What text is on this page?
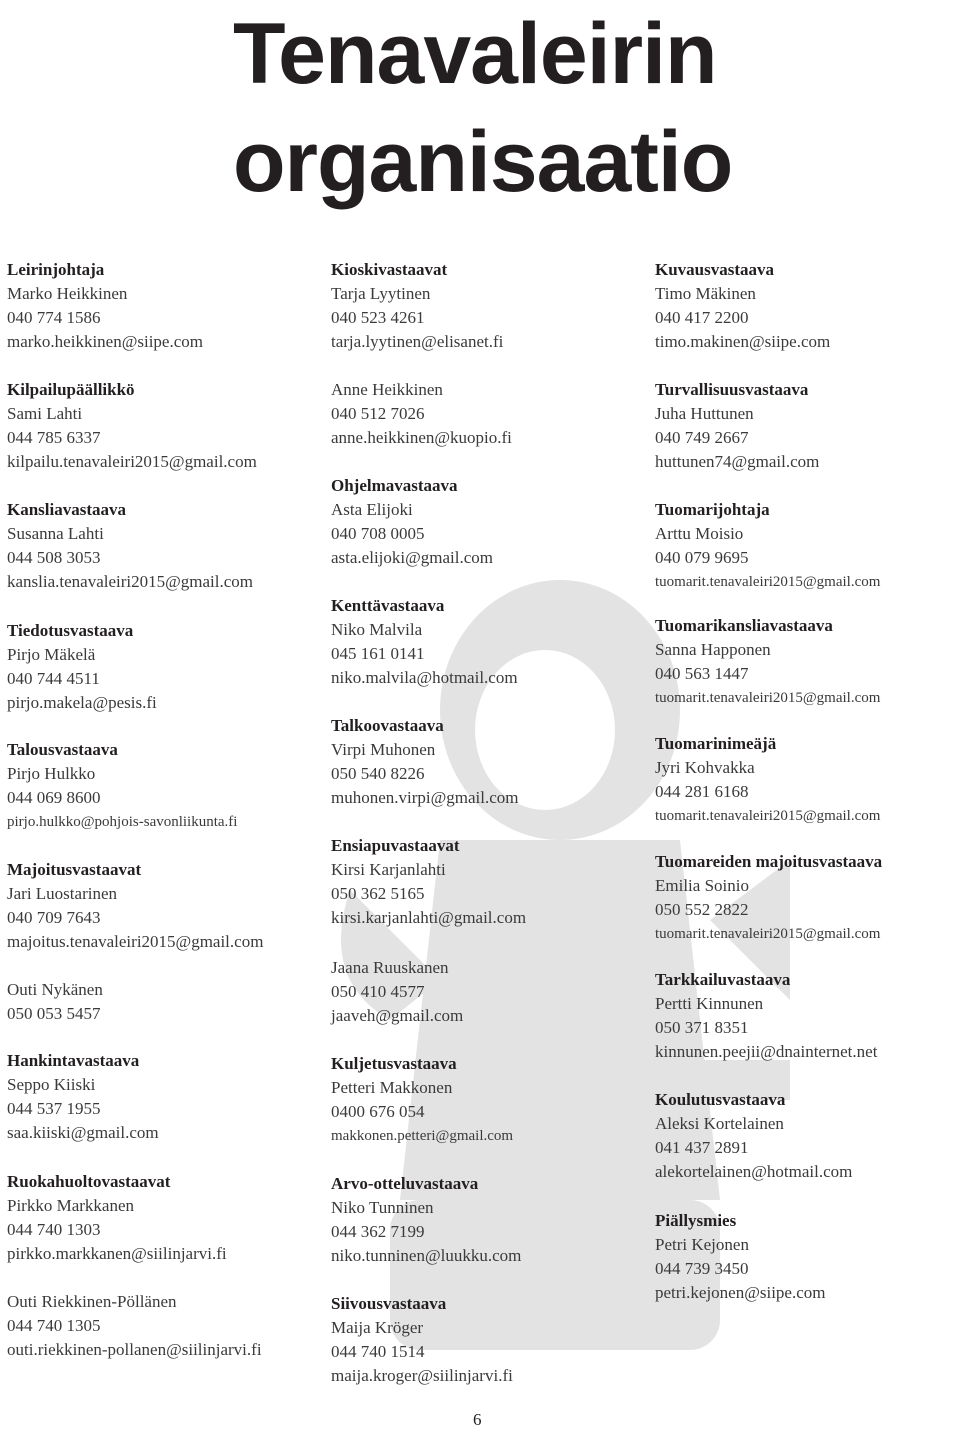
Tenavaleirin
organisaatio
Leirinjohtaja
Marko Heikkinen
040 774 1586
marko.heikkinen@siipe.com
Kilpailupäällikkö
Sami Lahti
044 785 6337
kilpailu.tenavaleiri2015@gmail.com
Kansliavastaava
Susanna Lahti
044 508 3053
kanslia.tenavaleiri2015@gmail.com
Tiedotusvastaava
Pirjo Mäkelä
040 744 4511
pirjo.makela@pesis.fi
Talousvastaava
Pirjo Hulkko
044 069 8600
pirjo.hulkko@pohjois-savonliikunta.fi
Majoitusvastaavat
Jari Luostarinen
040 709 7643
majoitus.tenavaleiri2015@gmail.com
Outi Nykänen
050 053 5457
Hankintavastaava
Seppo Kiiski
044 537 1955
saa.kiiski@gmail.com
Ruokahuoltovastaavat
Pirkko Markkanen
044 740 1303
pirkko.markkanen@siilinjarvi.fi
Outi Riekkinen-Pöllänen
044 740 1305
outi.riekkinen-pollanen@siilinjarvi.fi
Kioskivastaavat
Tarja Lyytinen
040 523 4261
tarja.lyytinen@elisanet.fi
Anne Heikkinen
040 512 7026
anne.heikkinen@kuopio.fi
Ohjelmavastaava
Asta Elijoki
040 708 0005
asta.elijoki@gmail.com
Kenttävastaava
Niko Malvila
045 161 0141
niko.malvila@hotmail.com
Talkoovastaava
Virpi Muhonen
050 540 8226
muhonen.virpi@gmail.com
Ensiapuvastaavat
Kirsi Karjanlahti
050 362 5165
kirsi.karjanlahti@gmail.com
Jaana Ruuskanen
050 410 4577
jaaveh@gmail.com
Kuljetusvastaava
Petteri Makkonen
0400 676 054
makkonen.petteri@gmail.com
Arvo-otteluvastaava
Niko Tunninen
044 362 7199
niko.tunninen@luukku.com
Siivousvastaava
Maija Kröger
044 740 1514
maija.kroger@siilinjarvi.fi
Kuvausvastaava
Timo Mäkinen
040 417 2200
timo.makinen@siipe.com
Turvallisuusvastaava
Juha Huttunen
040 749 2667
huttunen74@gmail.com
Tuomarijohtaja
Arttu Moisio
040 079 9695
tuomarit.tenavaleiri2015@gmail.com
Tuomarikansliavastaava
Sanna Happonen
040 563 1447
tuomarit.tenavaleiri2015@gmail.com
Tuomarinimeäjä
Jyri Kohvakka
044 281 6168
tuomarit.tenavaleiri2015@gmail.com
Tuomareiden majoitusvastaava
Emilia Soinio
050 552 2822
tuomarit.tenavaleiri2015@gmail.com
Tarkkailuvastaava
Pertti Kinnunen
050 371 8351
kinnunen.peejii@dnainternet.net
Koulutusvastaava
Aleksi Kortelainen
041 437 2891
alekortelainen@hotmail.com
Piällysmies
Petri Kejonen
044 739 3450
petri.kejonen@siipe.com
6
